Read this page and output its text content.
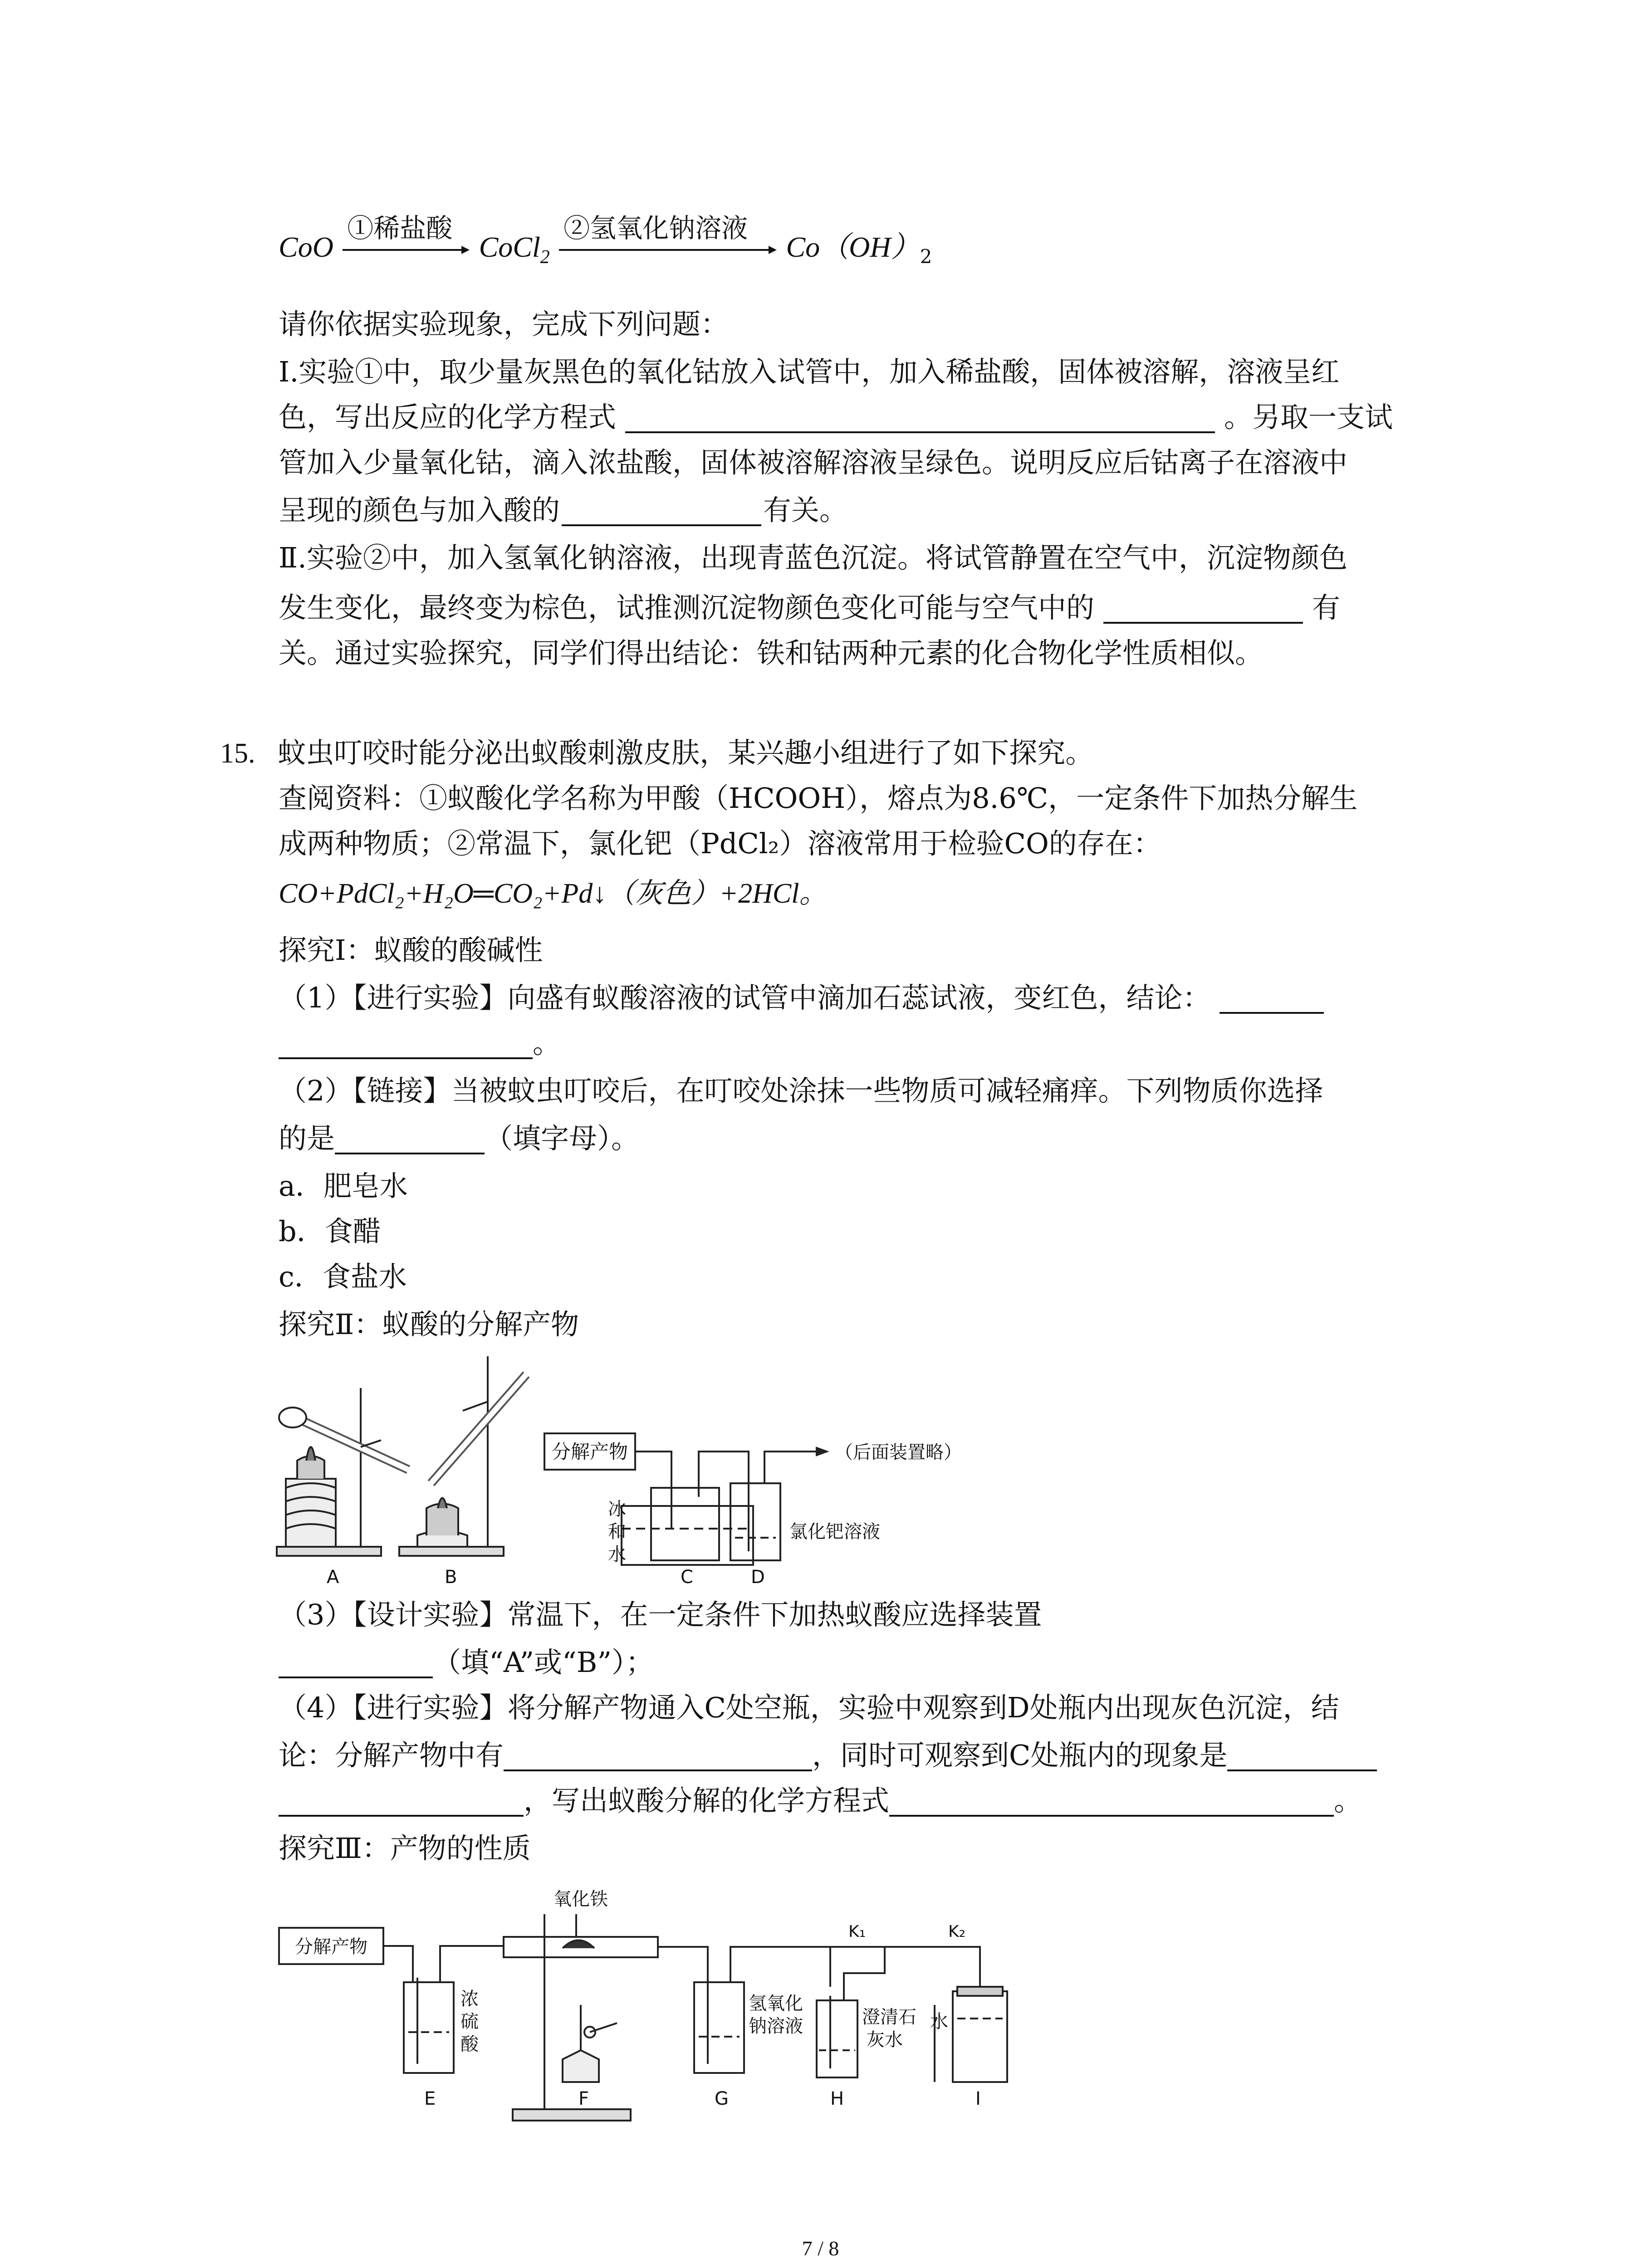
CoO
①稀盐酸
CoCl$_2$
②氢氧化钠溶液
$Co(OH)_2$
请你依据实验现象，完成下列问题：
Ⅰ.实验①中，取少量灰黑色的氧化钴放入试管中，加入稀盐酸，固体被溶解，溶液呈红
色，写出反应的化学方程式	。另取一支试
管加入少量氧化钴，滴入浓盐酸，固体被溶解溶液呈绿色。说明反应后钴离子在溶液中
呈现的颜色与加入酸的	有关。
Ⅱ.实验②中，加入氢氧化钠溶液，出现青蓝色沉淀。将试管静置在空气中，沉淀物颜色
发生变化，最终变为棕色，试推测沉淀物颜色变化可能与空气中的	有
关。通过实验探究，同学们得出结论：铁和钴两种元素的化合物化学性质相似。
15. 蚊虫叮咬时能分泌出蚁酸刺激皮肤，某兴趣小组进行了如下探究。
查阅资料：①蚁酸化学名称为甲酸（HCOOH），熔点为8.6℃，一定条件下加热分解生
成两种物质；②常温下，氯化钯（PdCl₂）溶液常用于检验CO的存在：
CO+PdCl₂+H₂O═CO₂+Pd↓（灰色）+2HCl。
探究Ⅰ：蚁酸的酸碱性
（1）【进行实验】向盛有蚁酸溶液的试管中滴加石蕊试液，变红色，结论：
。
（2）【链接】当被蚊虫叮咬后，在叮咬处涂抹一些物质可减轻痛痒。下列物质你选择
的是	（填字母）。
a．肥皂水
b．食醋
c．食盐水
探究Ⅱ：蚁酸的分解产物
分解产物	（后面装置略）
冰
和
水
氯化钯溶液
A	B	C	D
（3）【设计实验】常温下，在一定条件下加热蚁酸应选择装置
（填“A”或“B”）；
（4）【进行实验】将分解产物通入C处空瓶，实验中观察到D处瓶内出现灰色沉淀，结
论：分解产物中有	，同时可观察到C处瓶内的现象是
，写出蚁酸分解的化学方程式	。
探究Ⅲ：产物的性质
分解产物
氧化铁
浓
硫
酸
氢氧化
钠溶液	澄清石
灰水
水
K₁	K₂
E	F	G	H	I
7 / 8
